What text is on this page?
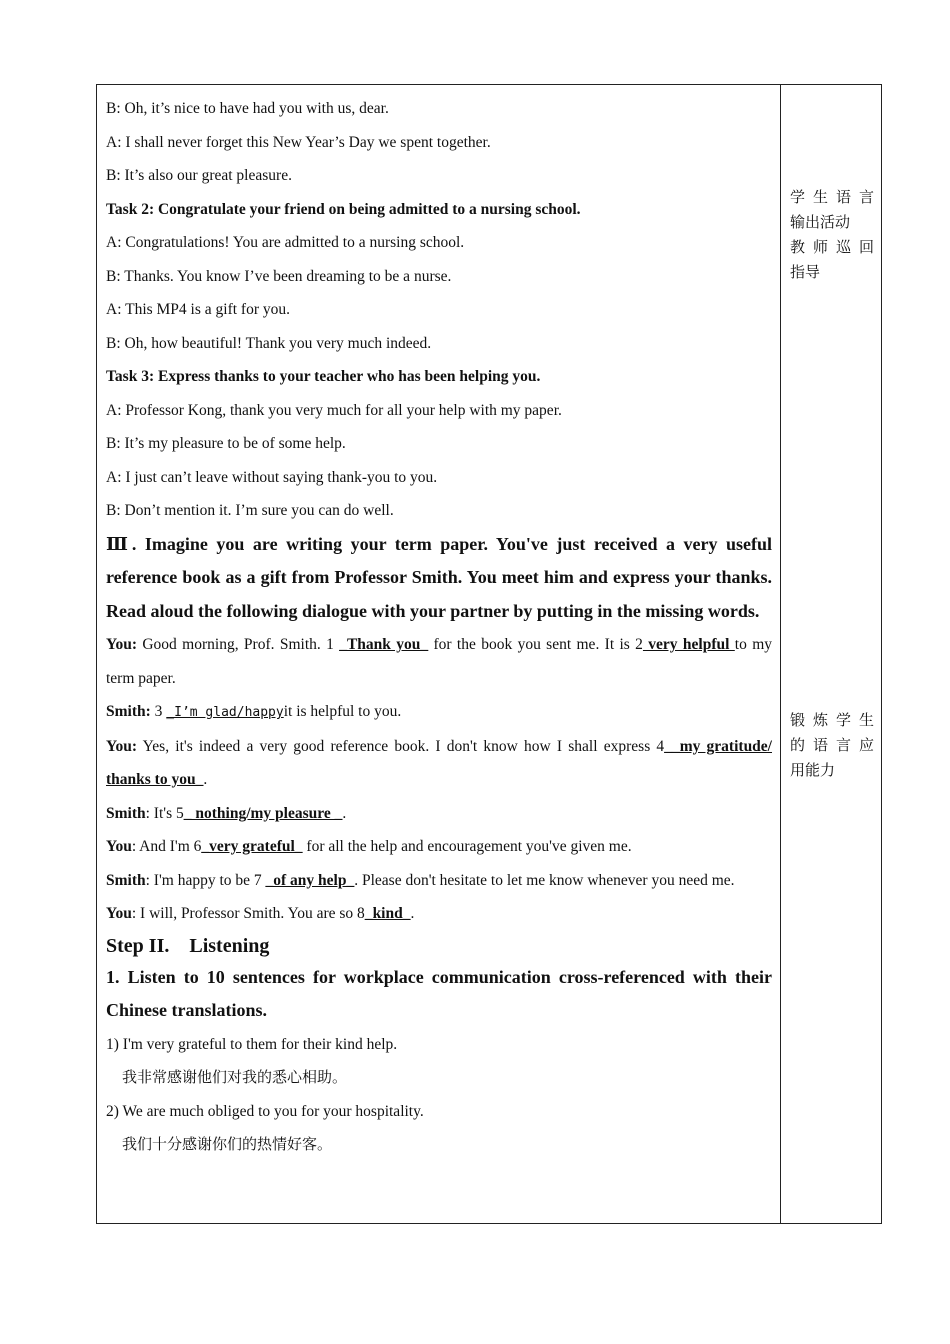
B: Oh, it’s nice to have had you with us, dear.

A: I shall never forget this New Year’s Day we spent together.

B: It’s also our great pleasure.

Task 2: Congratulate your friend on being admitted to a nursing school.

A: Congratulations! You are admitted to a nursing school.

B: Thanks. You know I’ve been dreaming to be a nurse.

A: This MP4 is a gift for you.

B: Oh, how beautiful! Thank you very much indeed.

Task 3: Express thanks to your teacher who has been helping you.

A: Professor Kong, thank you very much for all your help with my paper.

B: It’s my pleasure to be of some help.

A: I just can’t leave without saying thank-you to you.

B: Don’t mention it. I’m sure you can do well.

Ⅲ. Imagine you are writing your term paper. You've just received a very useful reference book as a gift from Professor Smith. You meet him and express your thanks. Read aloud the following dialogue with your partner by putting in the missing words.

You: Good morning, Prof. Smith. 1 _Thank you_ for the book you sent me. It is 2 very helpful to my term paper.

Smith: 3 _I’m glad/happyit is helpful to you.

You: Yes, it's indeed a very good reference book. I don't know how I shall express 4__my gratitude/ thanks to you_.

Smith: It's 5_ nothing/my pleasure _.

You: And I'm 6_very grateful_ for all the help and encouragement you've given me.

Smith: I'm happy to be 7 _of any help_. Please don't hesitate to let me know whenever you need me.

You: I will, Professor Smith. You are so 8_kind_.

Step II.    Listening

1. Listen to 10 sentences for workplace communication cross-referenced with their Chinese translations.

1) I'm very grateful to them for their kind help.

我非常感谢他们对我的悉心相助。

2) We are much obliged to you for your hospitality.

我们十分感谢你们的热情好客。

学 生 语 言
输出活动
教 师 巡 回
指导
锻 炼 学 生
的 语 言 应
用能力
